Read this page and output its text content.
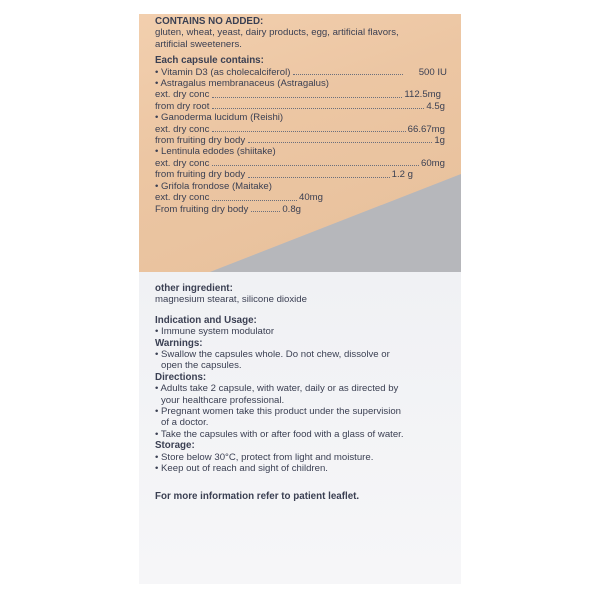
CONTAINS NO ADDED:
gluten, wheat, yeast, dairy products, egg, artificial flavors,
artificial sweeteners.
Each capsule contains:
• Vitamin D3 (as cholecalciferol)	500 IU
• Astragalus membranaceus (Astragalus)
ext. dry conc	112.5mg
from dry root	4.5g
• Ganoderma lucidum (Reishi)
ext. dry conc	66.67mg
from fruiting dry body	1g
• Lentinula edodes (shiitake)
ext. dry conc	60mg
from fruiting dry body	1.2 g
• Grifola frondose (Maitake)
ext. dry conc	40mg
From fruiting dry body	0.8g
other ingredient:
magnesium stearat, silicone dioxide
Indication and Usage:
• Immune system modulator
Warnings:
• Swallow the capsules whole. Do not chew, dissolve or
open the capsules.
Directions:
• Adults take 2 capsule, with water, daily or as directed by
your healthcare professional.
• Pregnant women take this product under the supervision
of a doctor.
• Take the capsules with or after food with a glass of water.
Storage:
• Store below 30°C, protect from light and moisture.
• Keep out of reach and sight of children.
For more information refer to patient leaflet.
